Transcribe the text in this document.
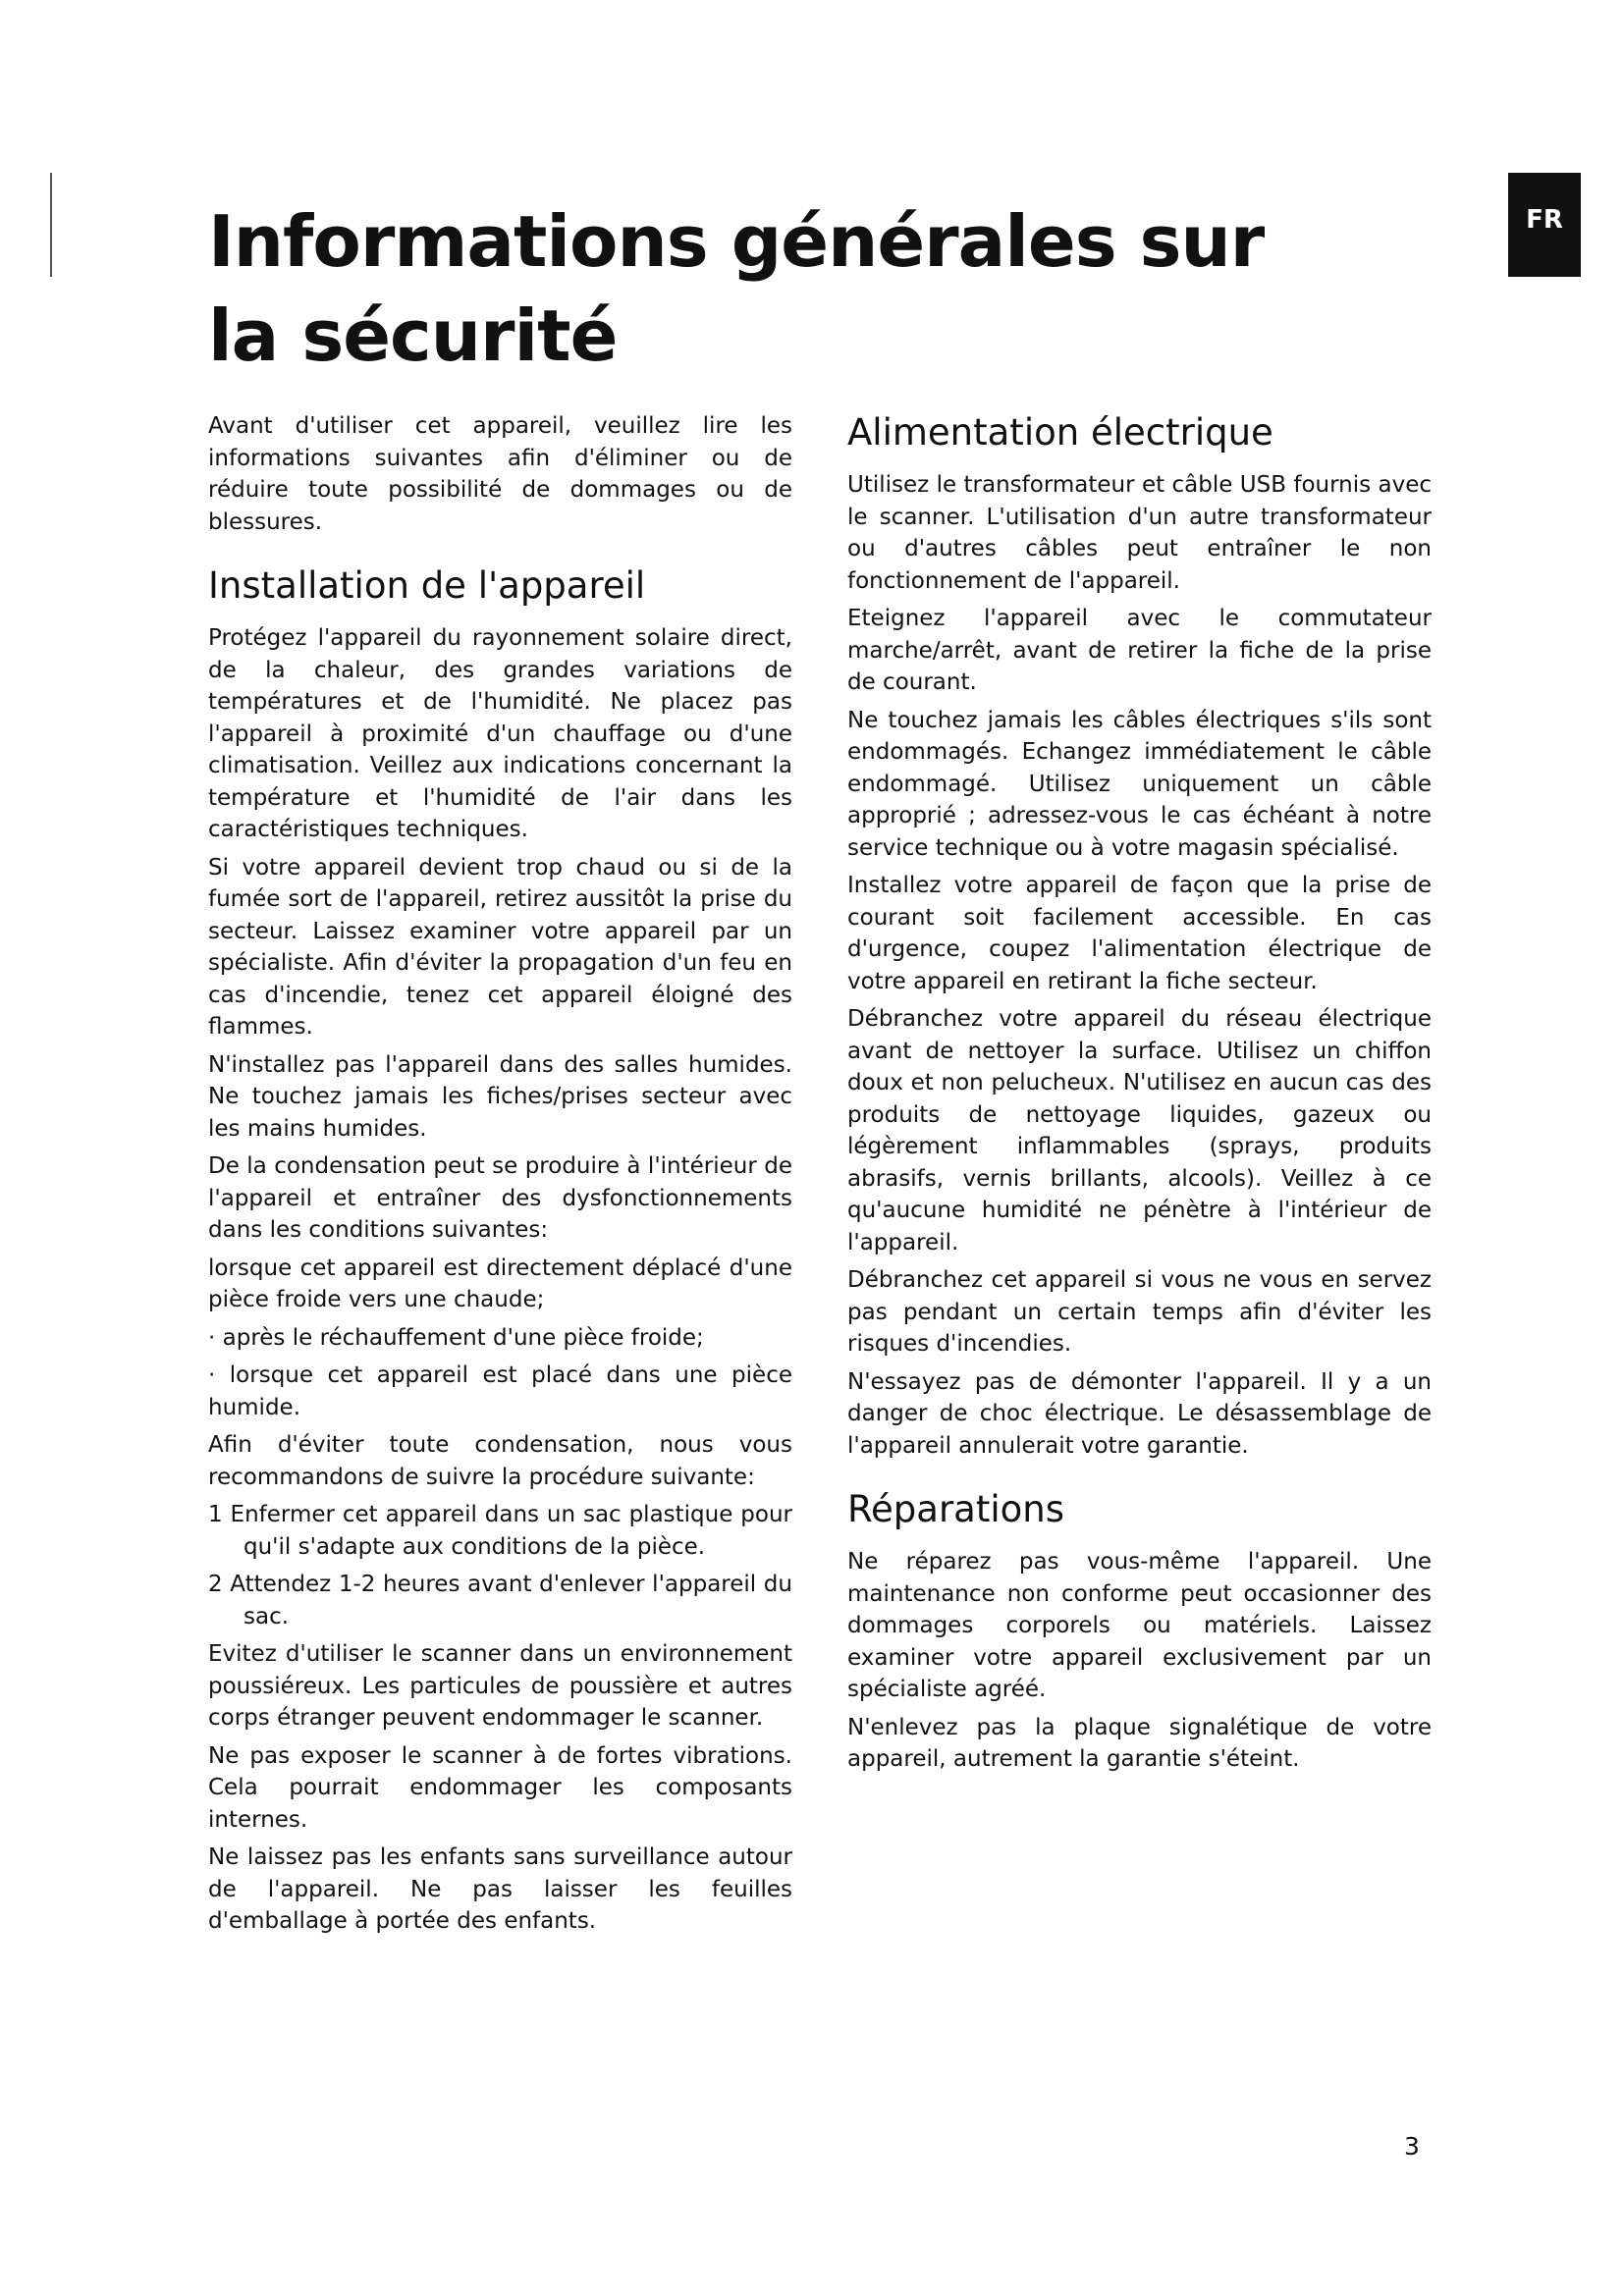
FR
Informations générales sur la sécurité

Avant d'utiliser cet appareil, veuillez lire les informations suivantes afin d'éliminer ou de réduire toute possibilité de dommages ou de blessures.

Installation de l'appareil

Protégez l'appareil du rayonnement solaire direct, de la chaleur, des grandes variations de températures et de l'humidité. Ne placez pas l'appareil à proximité d'un chauffage ou d'une climatisation. Veillez aux indications concernant la température et l'humidité de l'air dans les caractéristiques techniques.

Si votre appareil devient trop chaud ou si de la fumée sort de l'appareil, retirez aussitôt la prise du secteur. Laissez examiner votre appareil par un spécialiste. Afin d'éviter la propagation d'un feu en cas d'incendie, tenez cet appareil éloigné des flammes.

N'installez pas l'appareil dans des salles humides. Ne touchez jamais les fiches/prises secteur avec les mains humides.

De la condensation peut se produire à l'intérieur de l'appareil et entraîner des dysfonctionnements dans les conditions suivantes:

lorsque cet appareil est directement déplacé d'une pièce froide vers une chaude;

· après le réchauffement d'une pièce froide;

· lorsque cet appareil est placé dans une pièce humide.

Afin d'éviter toute condensation, nous vous recommandons de suivre la procédure suivante:

1 Enfermer cet appareil dans un sac plastique pour qu'il s'adapte aux conditions de la pièce.

2 Attendez 1-2 heures avant d'enlever l'appareil du sac.

Evitez d'utiliser le scanner dans un environnement poussiéreux. Les particules de poussière et autres corps étranger peuvent endommager le scanner.

Ne pas exposer le scanner à de fortes vibrations. Cela pourrait endommager les composants internes.

Ne laissez pas les enfants sans surveillance autour de l'appareil. Ne pas laisser les feuilles d'emballage à portée des enfants.

Alimentation électrique

Utilisez le transformateur et câble USB fournis avec le scanner. L'utilisation d'un autre transformateur ou d'autres câbles peut entraîner le non fonctionnement de l'appareil.

Eteignez l'appareil avec le commutateur marche/arrêt, avant de retirer la fiche de la prise de courant.

Ne touchez jamais les câbles électriques s'ils sont endommagés. Echangez immédiatement le câble endommagé. Utilisez uniquement un câble approprié ; adressez-vous le cas échéant à notre service technique ou à votre magasin spécialisé.

Installez votre appareil de façon que la prise de courant soit facilement accessible. En cas d'urgence, coupez l'alimentation électrique de votre appareil en retirant la fiche secteur.

Débranchez votre appareil du réseau électrique avant de nettoyer la surface. Utilisez un chiffon doux et non pelucheux. N'utilisez en aucun cas des produits de nettoyage liquides, gazeux ou légèrement inflammables (sprays, produits abrasifs, vernis brillants, alcools). Veillez à ce qu'aucune humidité ne pénètre à l'intérieur de l'appareil.

Débranchez cet appareil si vous ne vous en servez pas pendant un certain temps afin d'éviter les risques d'incendies.

N'essayez pas de démonter l'appareil. Il y a un danger de choc électrique. Le désassemblage de l'appareil annulerait votre garantie.

Réparations

Ne réparez pas vous-même l'appareil. Une maintenance non conforme peut occasionner des dommages corporels ou matériels. Laissez examiner votre appareil exclusivement par un spécialiste agréé.

N'enlevez pas la plaque signalétique de votre appareil, autrement la garantie s'éteint.

3
